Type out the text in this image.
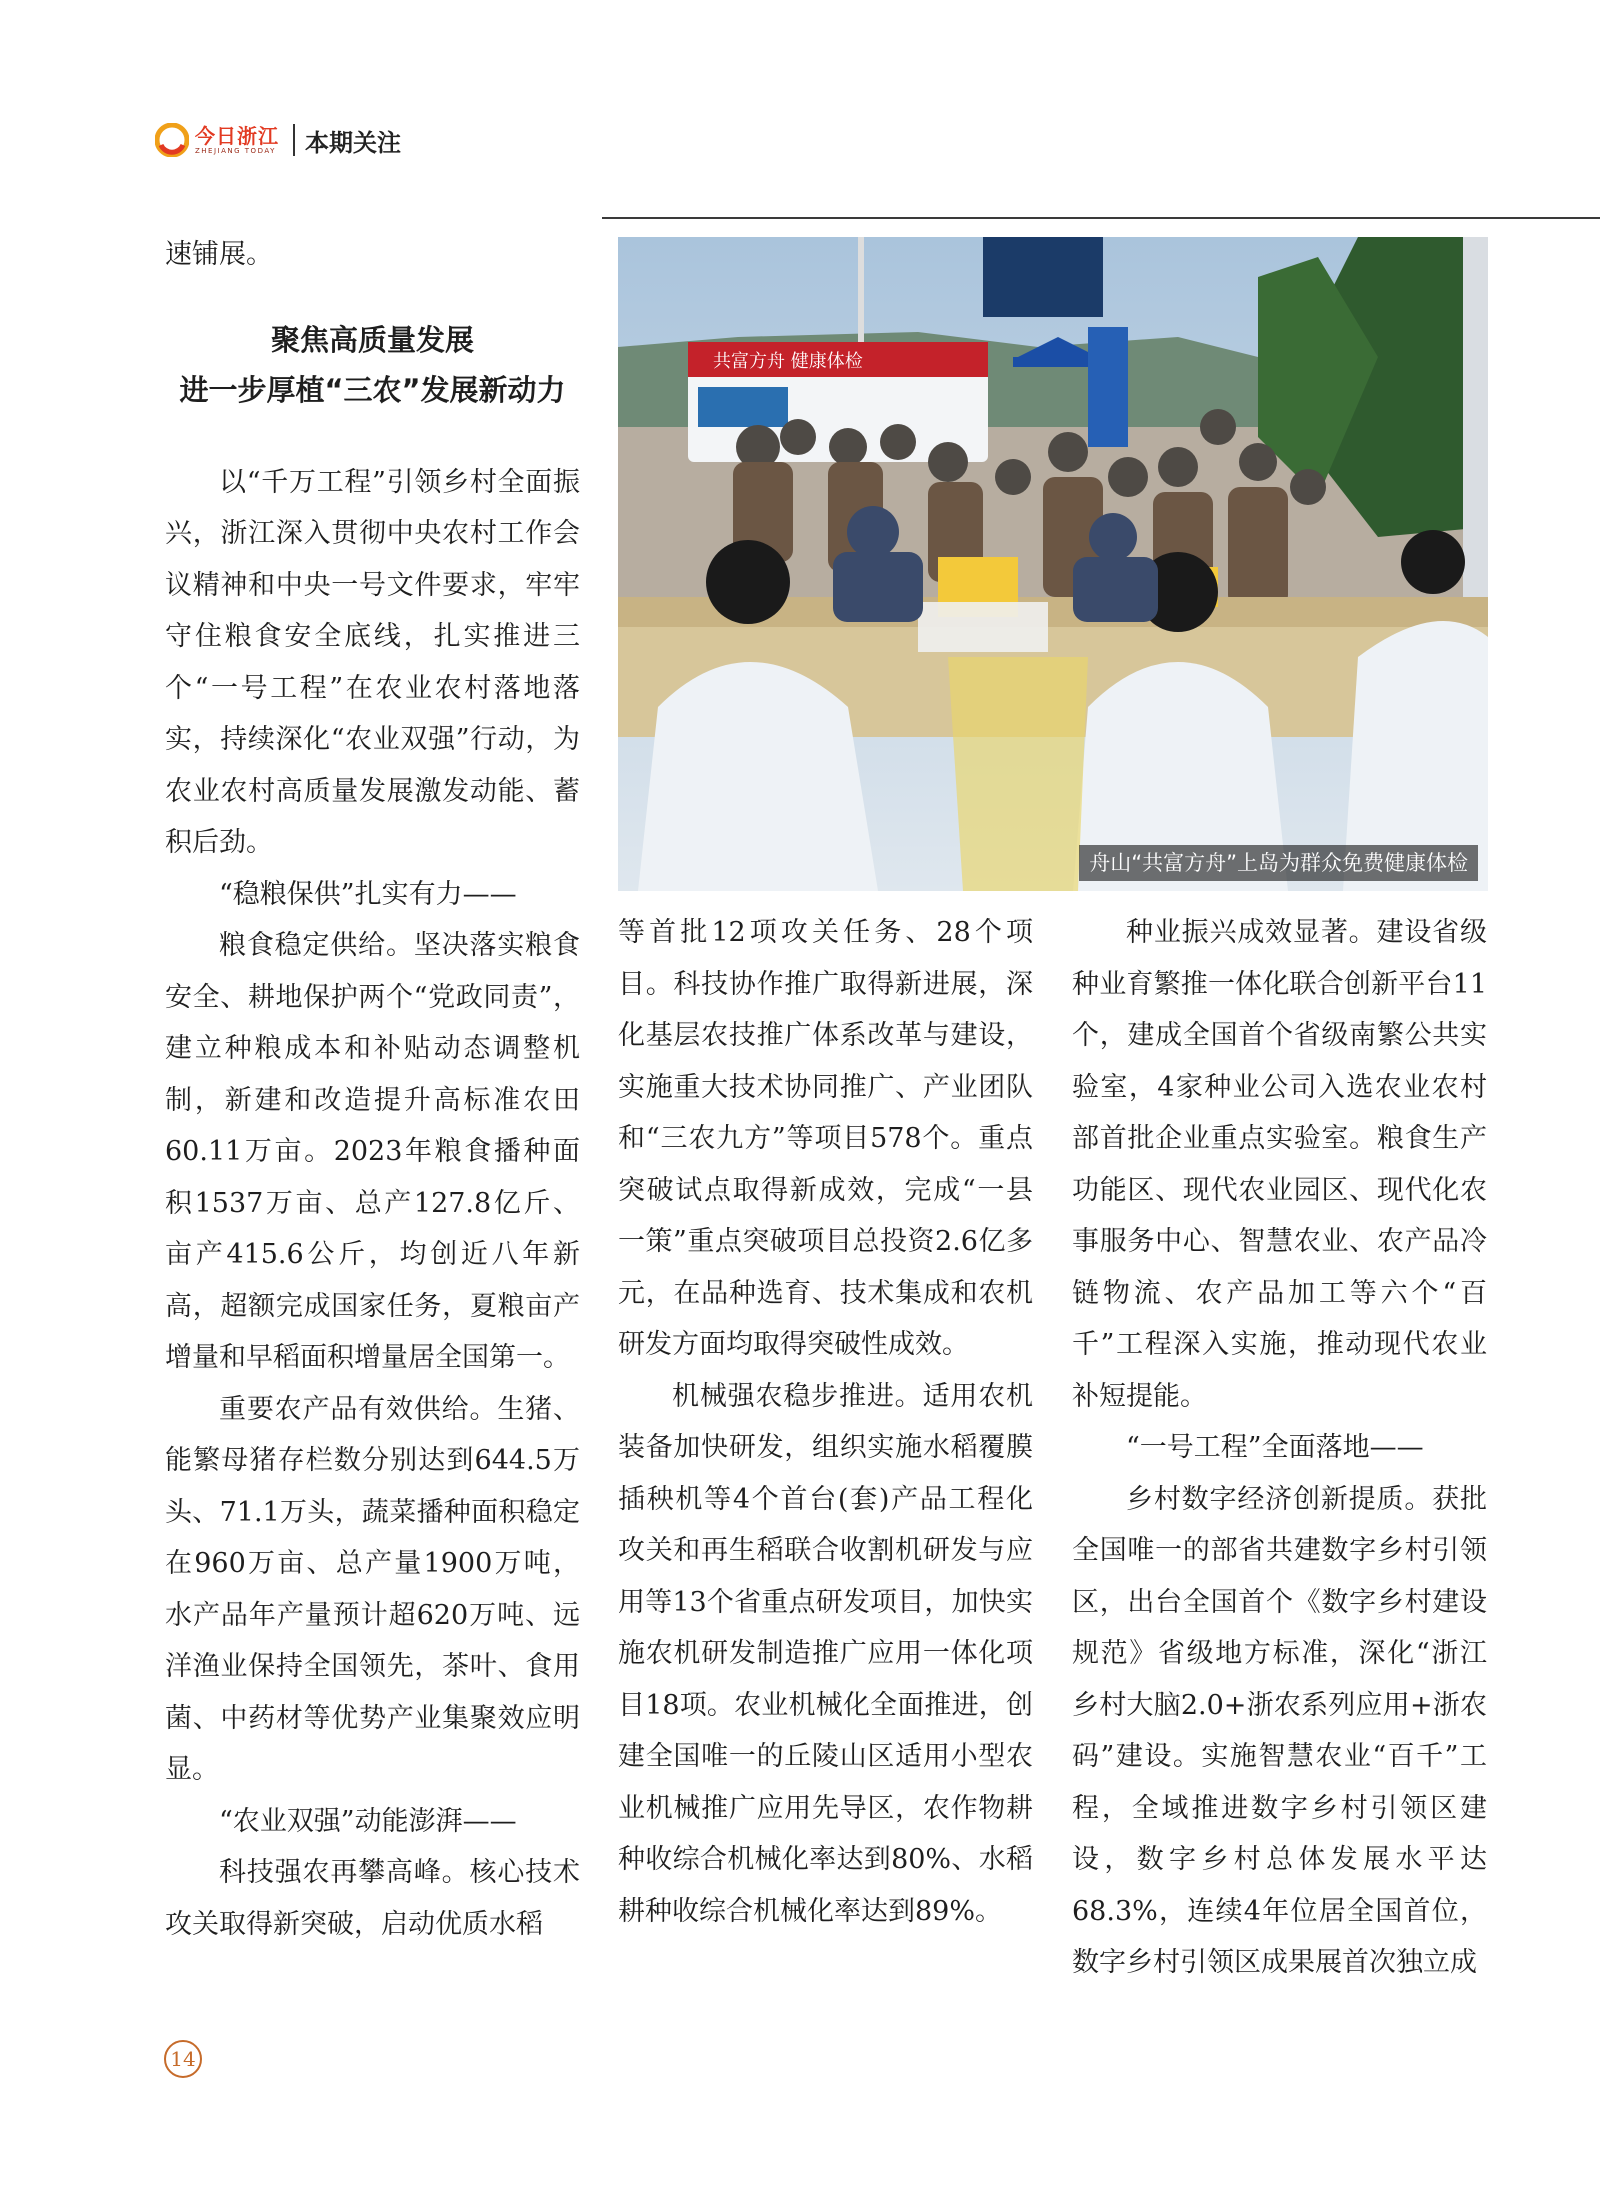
今日浙江
ZHEJIANG TODAY 本期关注

速铺展。

聚焦高质量发展
进一步厚植“三农”发展新动力

以“千万工程”引领乡村全面振兴，浙江深入贯彻中央农村工作会议精神和中央一号文件要求，牢牢守住粮食安全底线，扎实推进三个“一号工程”在农业农村落地落实，持续深化“农业双强”行动，为农业农村高质量发展激发动能、蓄积后劲。

“稳粮保供”扎实有力——

粮食稳定供给。坚决落实粮食安全、耕地保护两个“党政同责”，建立种粮成本和补贴动态调整机制，新建和改造提升高标准农田60.11万亩。2023年粮食播种面积1537万亩、总产127.8亿斤、亩产415.6公斤，均创近八年新高，超额完成国家任务，夏粮亩产增量和早稻面积增量居全国第一。

重要农产品有效供给。生猪、能繁母猪存栏数分别达到644.5万头、71.1万头，蔬菜播种面积稳定在960万亩、总产量1900万吨，水产品年产量预计超620万吨、远洋渔业保持全国领先，茶叶、食用菌、中药材等优势产业集聚效应明显。

“农业双强”动能澎湃——

科技强农再攀高峰。核心技术攻关取得新突破，启动优质水稻

共富方舟 健康体检
舟山“共富方舟”上岛为群众免费健康体检

等首批12项攻关任务、28个项目。科技协作推广取得新进展，深化基层农技推广体系改革与建设，实施重大技术协同推广、产业团队和“三农九方”等项目578个。重点突破试点取得新成效，完成“一县一策”重点突破项目总投资2.6亿多元，在品种选育、技术集成和农机研发方面均取得突破性成效。

机械强农稳步推进。适用农机装备加快研发，组织实施水稻覆膜插秧机等4个首台(套)产品工程化攻关和再生稻联合收割机研发与应用等13个省重点研发项目，加快实施农机研发制造推广应用一体化项目18项。农业机械化全面推进，创建全国唯一的丘陵山区适用小型农业机械推广应用先导区，农作物耕种收综合机械化率达到80%、水稻耕种收综合机械化率达到89%。

种业振兴成效显著。建设省级种业育繁推一体化联合创新平台11个，建成全国首个省级南繁公共实验室，4家种业公司入选农业农村部首批企业重点实验室。粮食生产功能区、现代农业园区、现代化农事服务中心、智慧农业、农产品冷链物流、农产品加工等六个“百千”工程深入实施，推动现代农业补短提能。

“一号工程”全面落地——

乡村数字经济创新提质。获批全国唯一的部省共建数字乡村引领区，出台全国首个《数字乡村建设规范》省级地方标准，深化“浙江乡村大脑2.0+浙农系列应用+浙农码”建设。实施智慧农业“百千”工程，全域推进数字乡村引领区建设，数字乡村总体发展水平达68.3%，连续4年位居全国首位，数字乡村引领区成果展首次独立成

14
